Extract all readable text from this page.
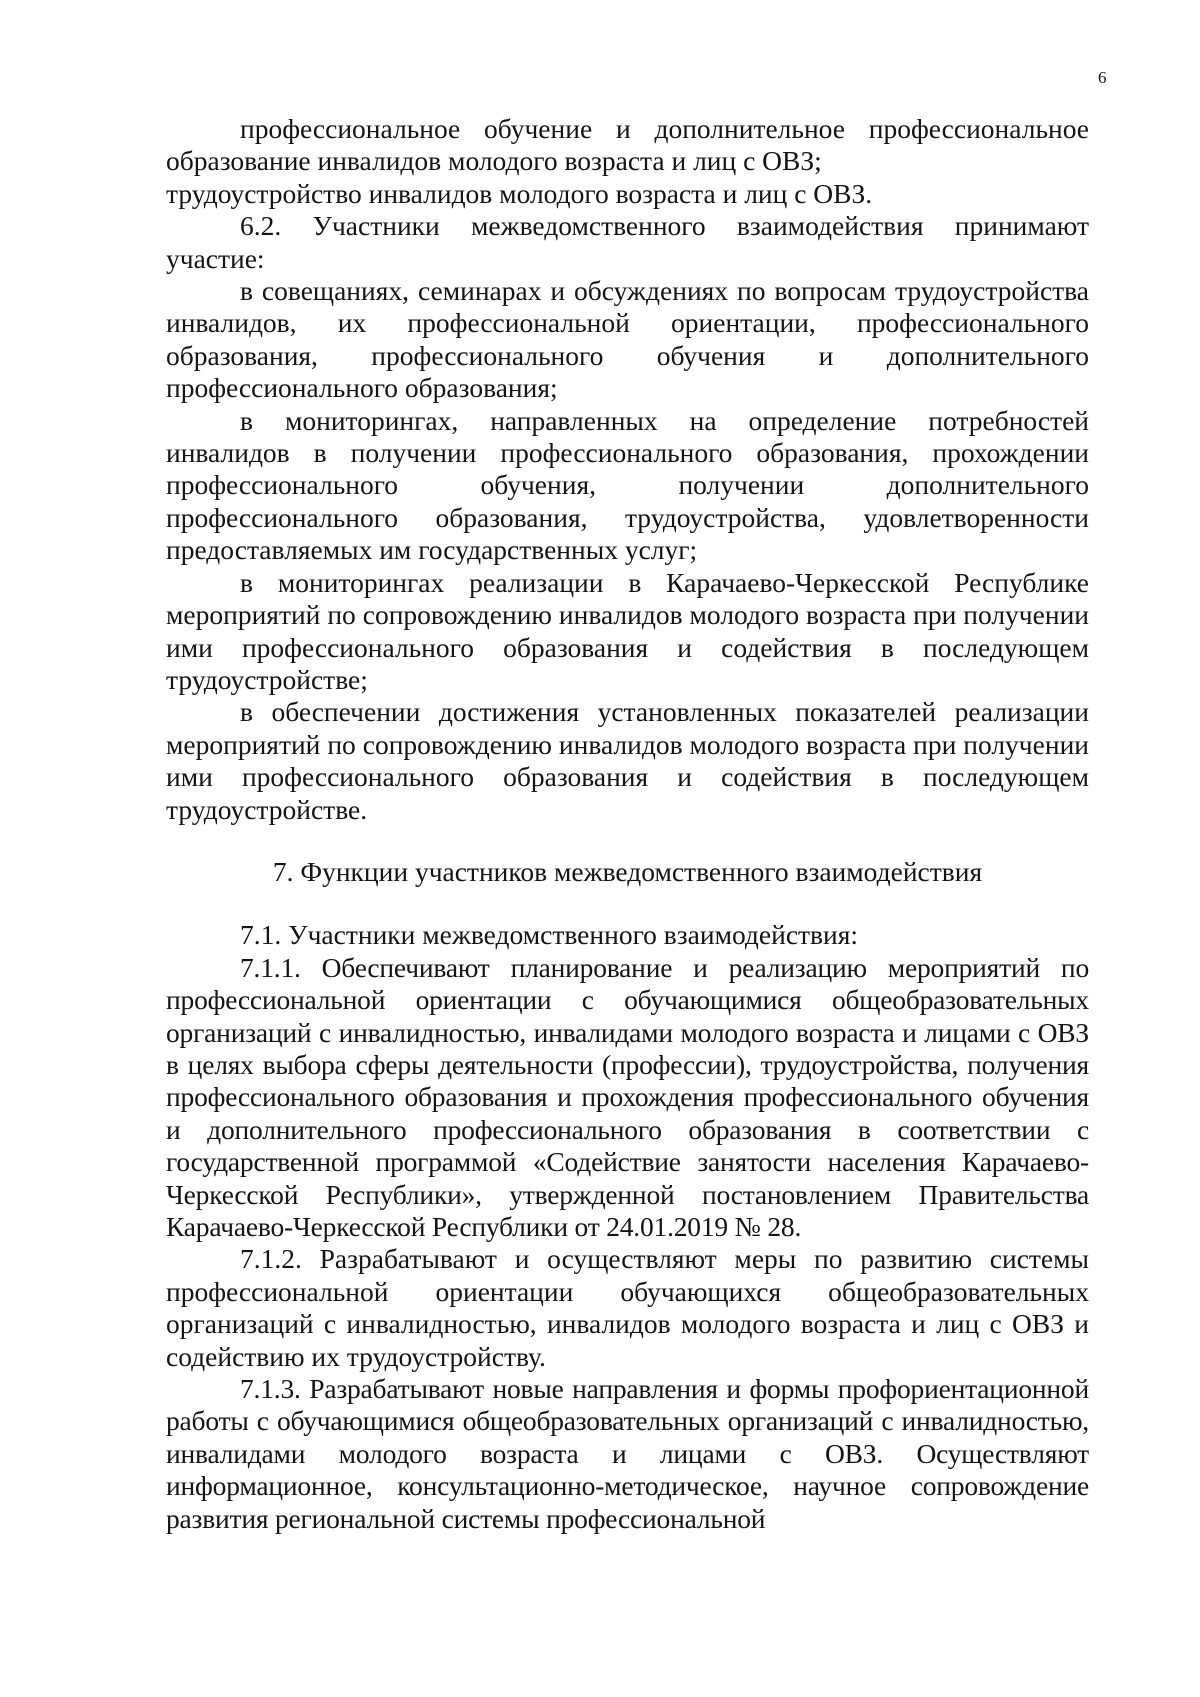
6

профессиональное обучение и дополнительное профессиональное образование инвалидов молодого возраста и лиц с ОВЗ;

трудоустройство инвалидов молодого возраста и лиц с ОВЗ.

6.2. Участники межведомственного взаимодействия принимают участие:

в совещаниях, семинарах и обсуждениях по вопросам трудоустройства инвалидов, их профессиональной ориентации, профессионального образования, профессионального обучения и дополнительного профессионального образования;

в мониторингах, направленных на определение потребностей инвалидов в получении профессионального образования, прохождении профессионального обучения, получении дополнительного профессионального образования, трудоустройства, удовлетворенности предоставляемых им государственных услуг;

в мониторингах реализации в Карачаево-Черкесской Республике мероприятий по сопровождению инвалидов молодого возраста при получении ими профессионального образования и содействия в последующем трудоустройстве;

в обеспечении достижения установленных показателей реализации мероприятий по сопровождению инвалидов молодого возраста при получении ими профессионального образования и содействия в последующем трудоустройстве.

7. Функции участников межведомственного взаимодействия

7.1. Участники межведомственного взаимодействия:

7.1.1. Обеспечивают планирование и реализацию мероприятий по профессиональной ориентации с обучающимися общеобразовательных организаций с инвалидностью, инвалидами молодого возраста и лицами с ОВЗ в целях выбора сферы деятельности (профессии), трудоустройства, получения профессионального образования и прохождения профессионального обучения и дополнительного профессионального образования в соответствии с государственной программой «Содействие занятости населения Карачаево-Черкесской Республики», утвержденной постановлением Правительства Карачаево-Черкесской Республики от 24.01.2019 № 28.

7.1.2. Разрабатывают и осуществляют меры по развитию системы профессиональной ориентации обучающихся общеобразовательных организаций с инвалидностью, инвалидов молодого возраста и лиц с ОВЗ и содействию их трудоустройству.

7.1.3. Разрабатывают новые направления и формы профориентационной работы с обучающимися общеобразовательных организаций с инвалидностью, инвалидами молодого возраста и лицами с ОВЗ. Осуществляют информационное, консультационно-методическое, научное сопровождение развития региональной системы профессиональной
